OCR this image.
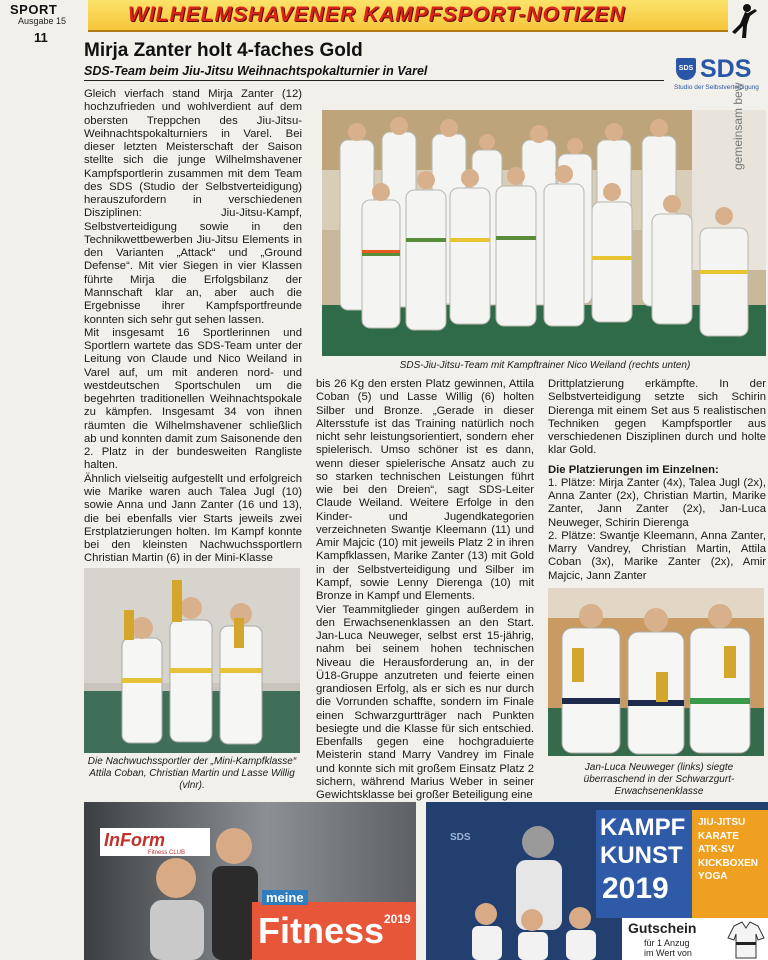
SPORT
Ausgabe 15
11
WILHELMSHAVENER KAMPFSPORT-NOTIZEN
Mirja Zanter holt 4-faches Gold
SDS-Team beim Jiu-Jitsu Weihnachtspokalturnier in Varel	SDS SDS
Studio der Selbstverteidigung

Gleich vierfach stand Mirja Zanter (12) hochzufrieden und wohlverdient auf dem obersten Treppchen des Jiu-Jitsu-Weihnachtspokalturniers in Varel. Bei dieser letzten Meisterschaft der Saison stellte sich die junge Wilhelmshavener Kampfsportlerin zusammen mit dem Team des SDS (Studio der Selbstverteidigung) herauszufordern in verschiedenen Disziplinen: Jiu-Jitsu-Kampf, Selbstverteidigung sowie in den Technikwettbewerben Jiu-Jitsu Elements in den Varianten „Attack“ und „Ground Defense“. Mit vier Siegen in vier Klassen führte Mirja die Erfolgsbilanz der Mannschaft klar an, aber auch die Ergebnisse ihrer Kampfsportfreunde konnten sich sehr gut sehen lassen.

Mit insgesamt 16 Sportlerinnen und Sportlern wartete das SDS-Team unter der Leitung von Claude und Nico Weiland in Varel auf, um mit anderen nord- und westdeutschen Sportschulen um die begehrten traditionellen Weihnachtspokale zu kämpfen. Insgesamt 34 von ihnen räumten die Wilhelmshavener schließlich ab und konnten damit zum Saisonende den 2. Platz in der bundesweiten Rangliste halten.

Ähnlich vielseitig aufgestellt und erfolgreich wie Marike waren auch Talea Jugl (10) sowie Anna und Jann Zanter (16 und 13), die bei ebenfalls vier Starts jeweils zwei Erstplatzierungen holten. Im Kampf konnte bei den kleinsten Nachwuchssportlern Christian Martin (6) in der Mini-Klasse

gemeinsam bew
SDS-Jiu-Jitsu-Team mit Kampftrainer Nico Weiland (rechts unten)
Die Nachwuchssportler der „Mini-Kampfklasse“ Attila Coban, Christian Martin und Lasse Willig (vlnr).

bis 26 Kg den ersten Platz gewinnen, Attila Coban (5) und Lasse Willig (6) holten Silber und Bronze. „Gerade in dieser Altersstufe ist das Training natürlich noch nicht sehr leistungsorientiert, sondern eher spielerisch. Umso schöner ist es dann, wenn dieser spielerische Ansatz auch zu so starken technischen Leistungen führt wie bei den Dreien“, sagt SDS-Leiter Claude Weiland. Weitere Erfolge in den Kinder- und Jugendkategorien verzeichneten Swantje Kleemann (11) und Amir Majcic (10) mit jeweils Platz 2 in ihren Kampfklassen, Marike Zanter (13) mit Gold in der Selbstverteidigung und Silber im Kampf, sowie Lenny Dierenga (10) mit Bronze in Kampf und Elements.

Vier Teammitglieder gingen außerdem in den Erwachsenenklassen an den Start. Jan-Luca Neuweger, selbst erst 15-jährig, nahm bei seinem hohen technischen Niveau die Herausforderung an, in der Ü18-Gruppe anzutreten und feierte einen grandiosen Erfolg, als er sich es nur durch die Vorrunden schaffte, sondern im Finale einen Schwarzgurtträger nach Punkten besiegte und die Klasse für sich entschied. Ebenfalls gegen eine hochgraduierte Meisterin stand Marry Vandrey im Finale und konnte sich mit großem Einsatz Platz 2 sichern, während Marius Weber in seiner Gewichtsklasse bei großer Beteiligung eine

Drittplatzierung erkämpfte. In der Selbstverteidigung setzte sich Schirin Dierenga mit einem Set aus 5 realistischen Techniken gegen Kampfsportler aus verschiedenen Disziplinen durch und holte klar Gold.

Die Platzierungen im Einzelnen:

1. Plätze: Mirja Zanter (4x), Talea Jugl (2x), Anna Zanter (2x), Christian Martin, Marike Zanter, Jann Zanter (2x), Jan-Luca Neuweger, Schirin Dierenga

2. Plätze: Swantje Kleemann, Anna Zanter, Marry Vandrey, Christian Martin, Attila Coban (3x), Marike Zanter (2x), Amir Majcic, Jann Zanter

Jan-Luca Neuweger (links) siegte überraschend in der Schwarzgurt-Erwachsenenklasse
InForm
Fitness CLUB
meine
Fitness 2019
SDS	KAMPF
KUNST
2019
JIU-JITSU
KARATE
ATK-SV
KICKBOXEN
YOGA
Gutschein
für 1 Anzug
im Wert von
